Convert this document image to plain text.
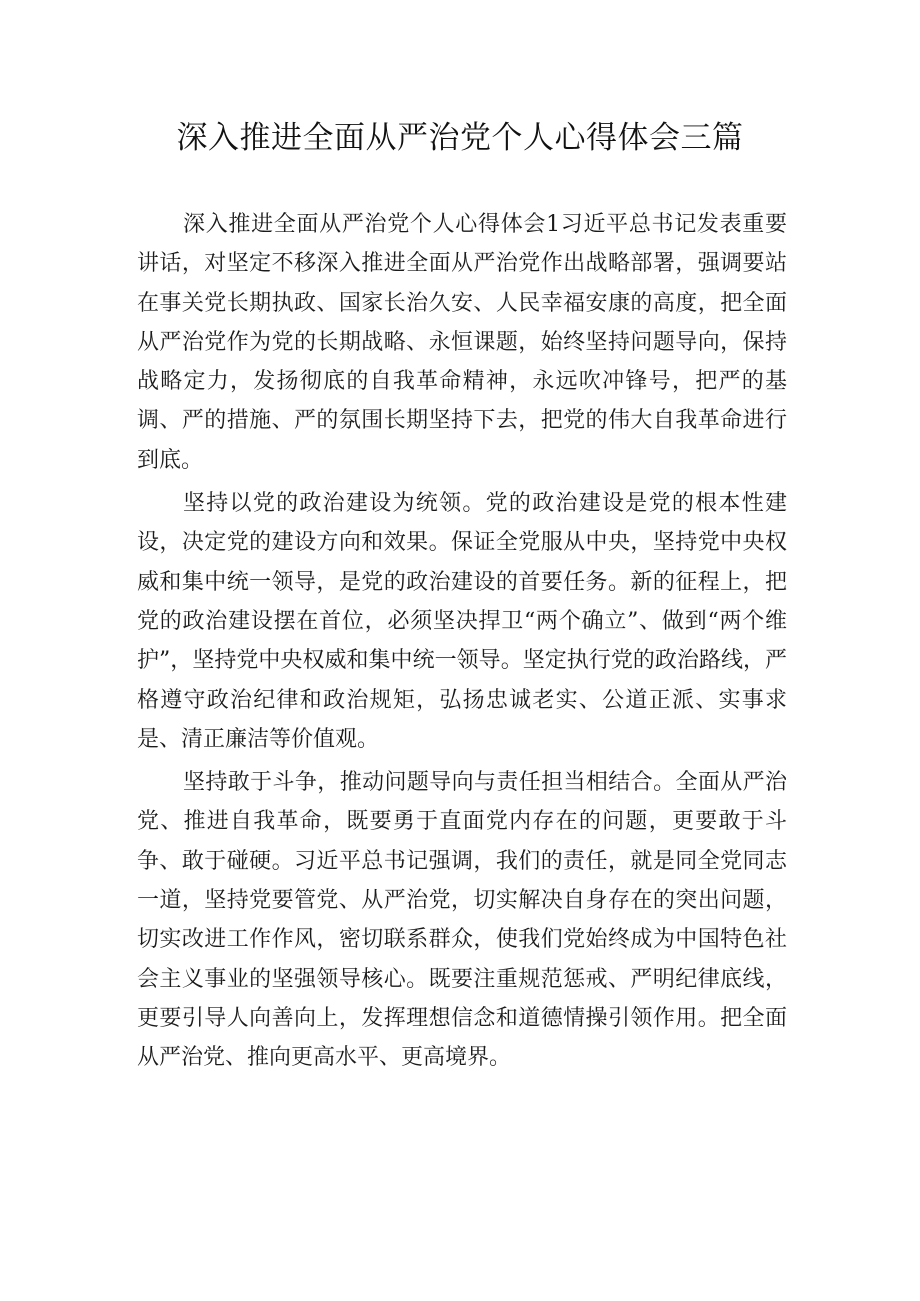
深入推进全面从严治党个人心得体会三篇

深入推进全面从严治党个人心得体会1习近平总书记发表重要讲话，对坚定不移深入推进全面从严治党作出战略部署，强调要站在事关党长期执政、国家长治久安、人民幸福安康的高度，把全面从严治党作为党的长期战略、永恒课题，始终坚持问题导向，保持战略定力，发扬彻底的自我革命精神，永远吹冲锋号，把严的基调、严的措施、严的氛围长期坚持下去，把党的伟大自我革命进行到底。

坚持以党的政治建设为统领。党的政治建设是党的根本性建设，决定党的建设方向和效果。保证全党服从中央，坚持党中央权威和集中统一领导，是党的政治建设的首要任务。新的征程上，把党的政治建设摆在首位，必须坚决捍卫“两个确立”、做到“两个维护”，坚持党中央权威和集中统一领导。坚定执行党的政治路线，严格遵守政治纪律和政治规矩，弘扬忠诚老实、公道正派、实事求是、清正廉洁等价值观。

坚持敢于斗争，推动问题导向与责任担当相结合。全面从严治党、推进自我革命，既要勇于直面党内存在的问题，更要敢于斗争、敢于碰硬。习近平总书记强调，我们的责任，就是同全党同志一道，坚持党要管党、从严治党，切实解决自身存在的突出问题，切实改进工作作风，密切联系群众，使我们党始终成为中国特色社会主义事业的坚强领导核心。既要注重规范惩戒、严明纪律底线，更要引导人向善向上，发挥理想信念和道德情操引领作用。把全面从严治党、推向更高水平、更高境界。
